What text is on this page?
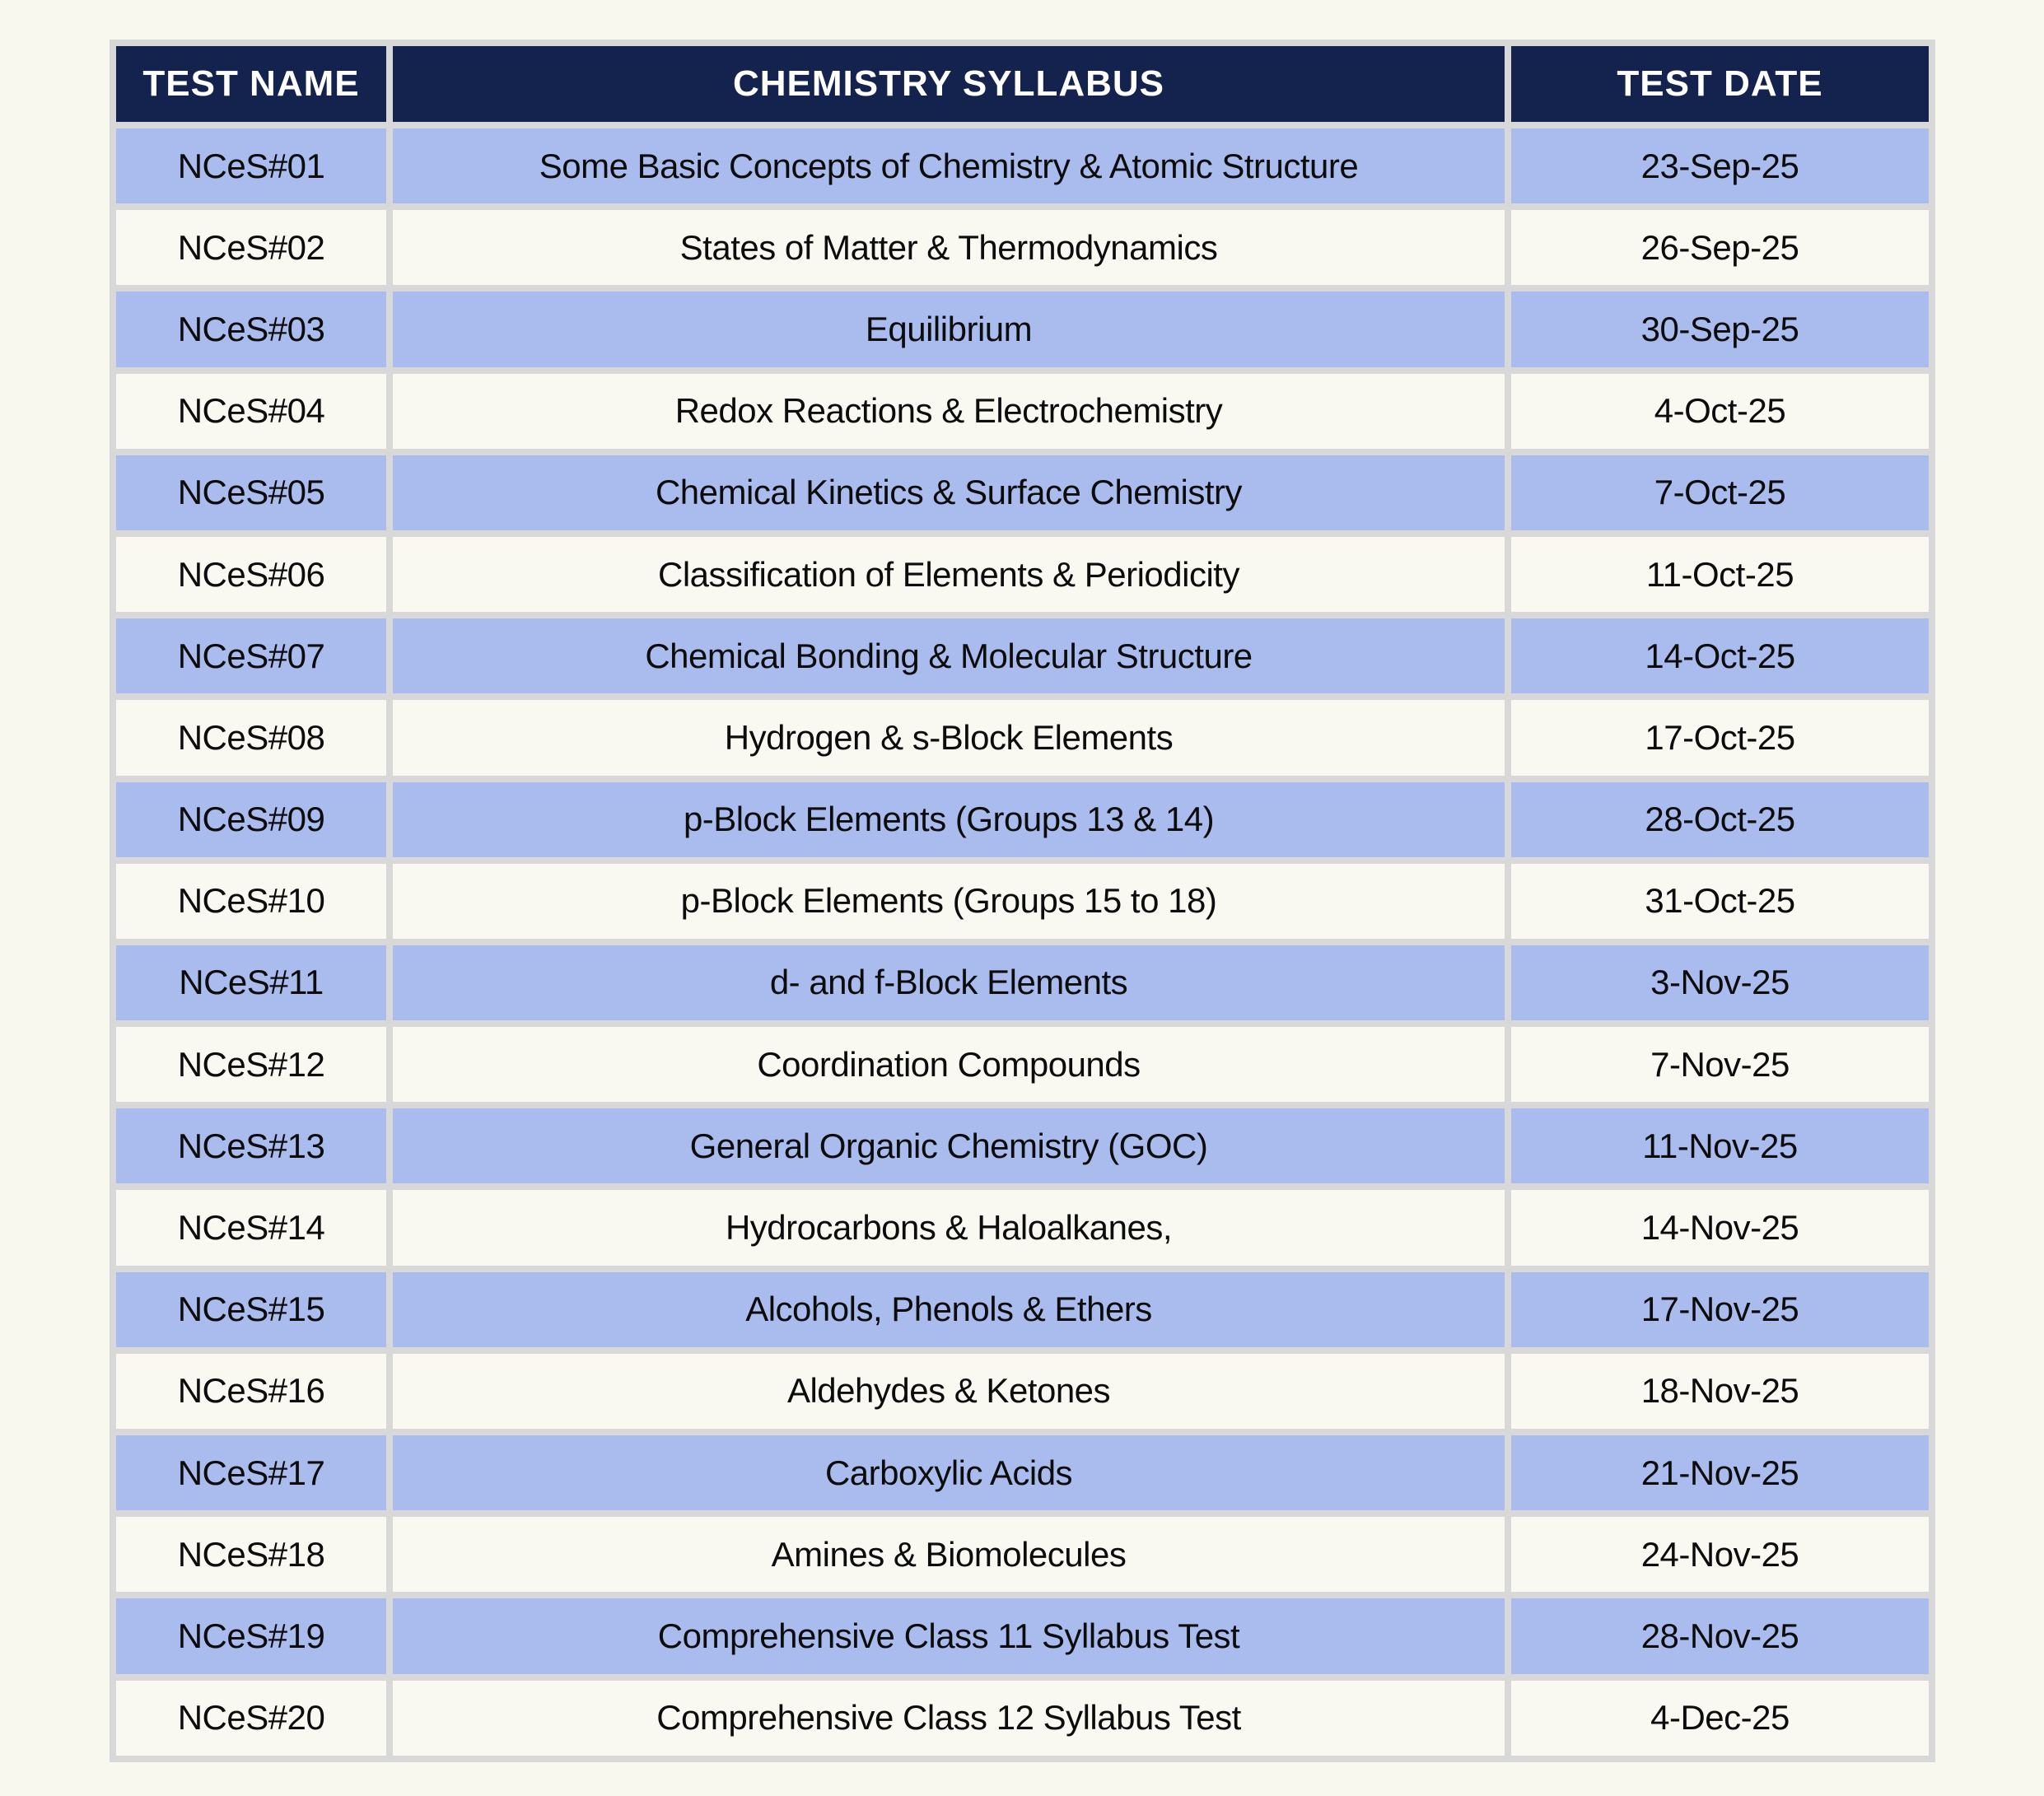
TEST NAME	CHEMISTRY SYLLABUS	TEST DATE
NCeS#01	Some Basic Concepts of Chemistry & Atomic Structure	23-Sep-25
NCeS#02	States of Matter & Thermodynamics	26-Sep-25
NCeS#03	Equilibrium	30-Sep-25
NCeS#04	Redox Reactions & Electrochemistry	4-Oct-25
NCeS#05	Chemical Kinetics & Surface Chemistry	7-Oct-25
NCeS#06	Classification of Elements & Periodicity	11-Oct-25
NCeS#07	Chemical Bonding & Molecular Structure	14-Oct-25
NCeS#08	Hydrogen & s-Block Elements	17-Oct-25
NCeS#09	p-Block Elements (Groups 13 & 14)	28-Oct-25
NCeS#10	p-Block Elements (Groups 15 to 18)	31-Oct-25
NCeS#11	d- and f-Block Elements	3-Nov-25
NCeS#12	Coordination Compounds	7-Nov-25
NCeS#13	General Organic Chemistry (GOC)	11-Nov-25
NCeS#14	Hydrocarbons & Haloalkanes,	14-Nov-25
NCeS#15	Alcohols, Phenols & Ethers	17-Nov-25
NCeS#16	Aldehydes & Ketones	18-Nov-25
NCeS#17	Carboxylic Acids	21-Nov-25
NCeS#18	Amines & Biomolecules	24-Nov-25
NCeS#19	Comprehensive Class 11 Syllabus Test	28-Nov-25
NCeS#20	Comprehensive Class 12 Syllabus Test	4-Dec-25
